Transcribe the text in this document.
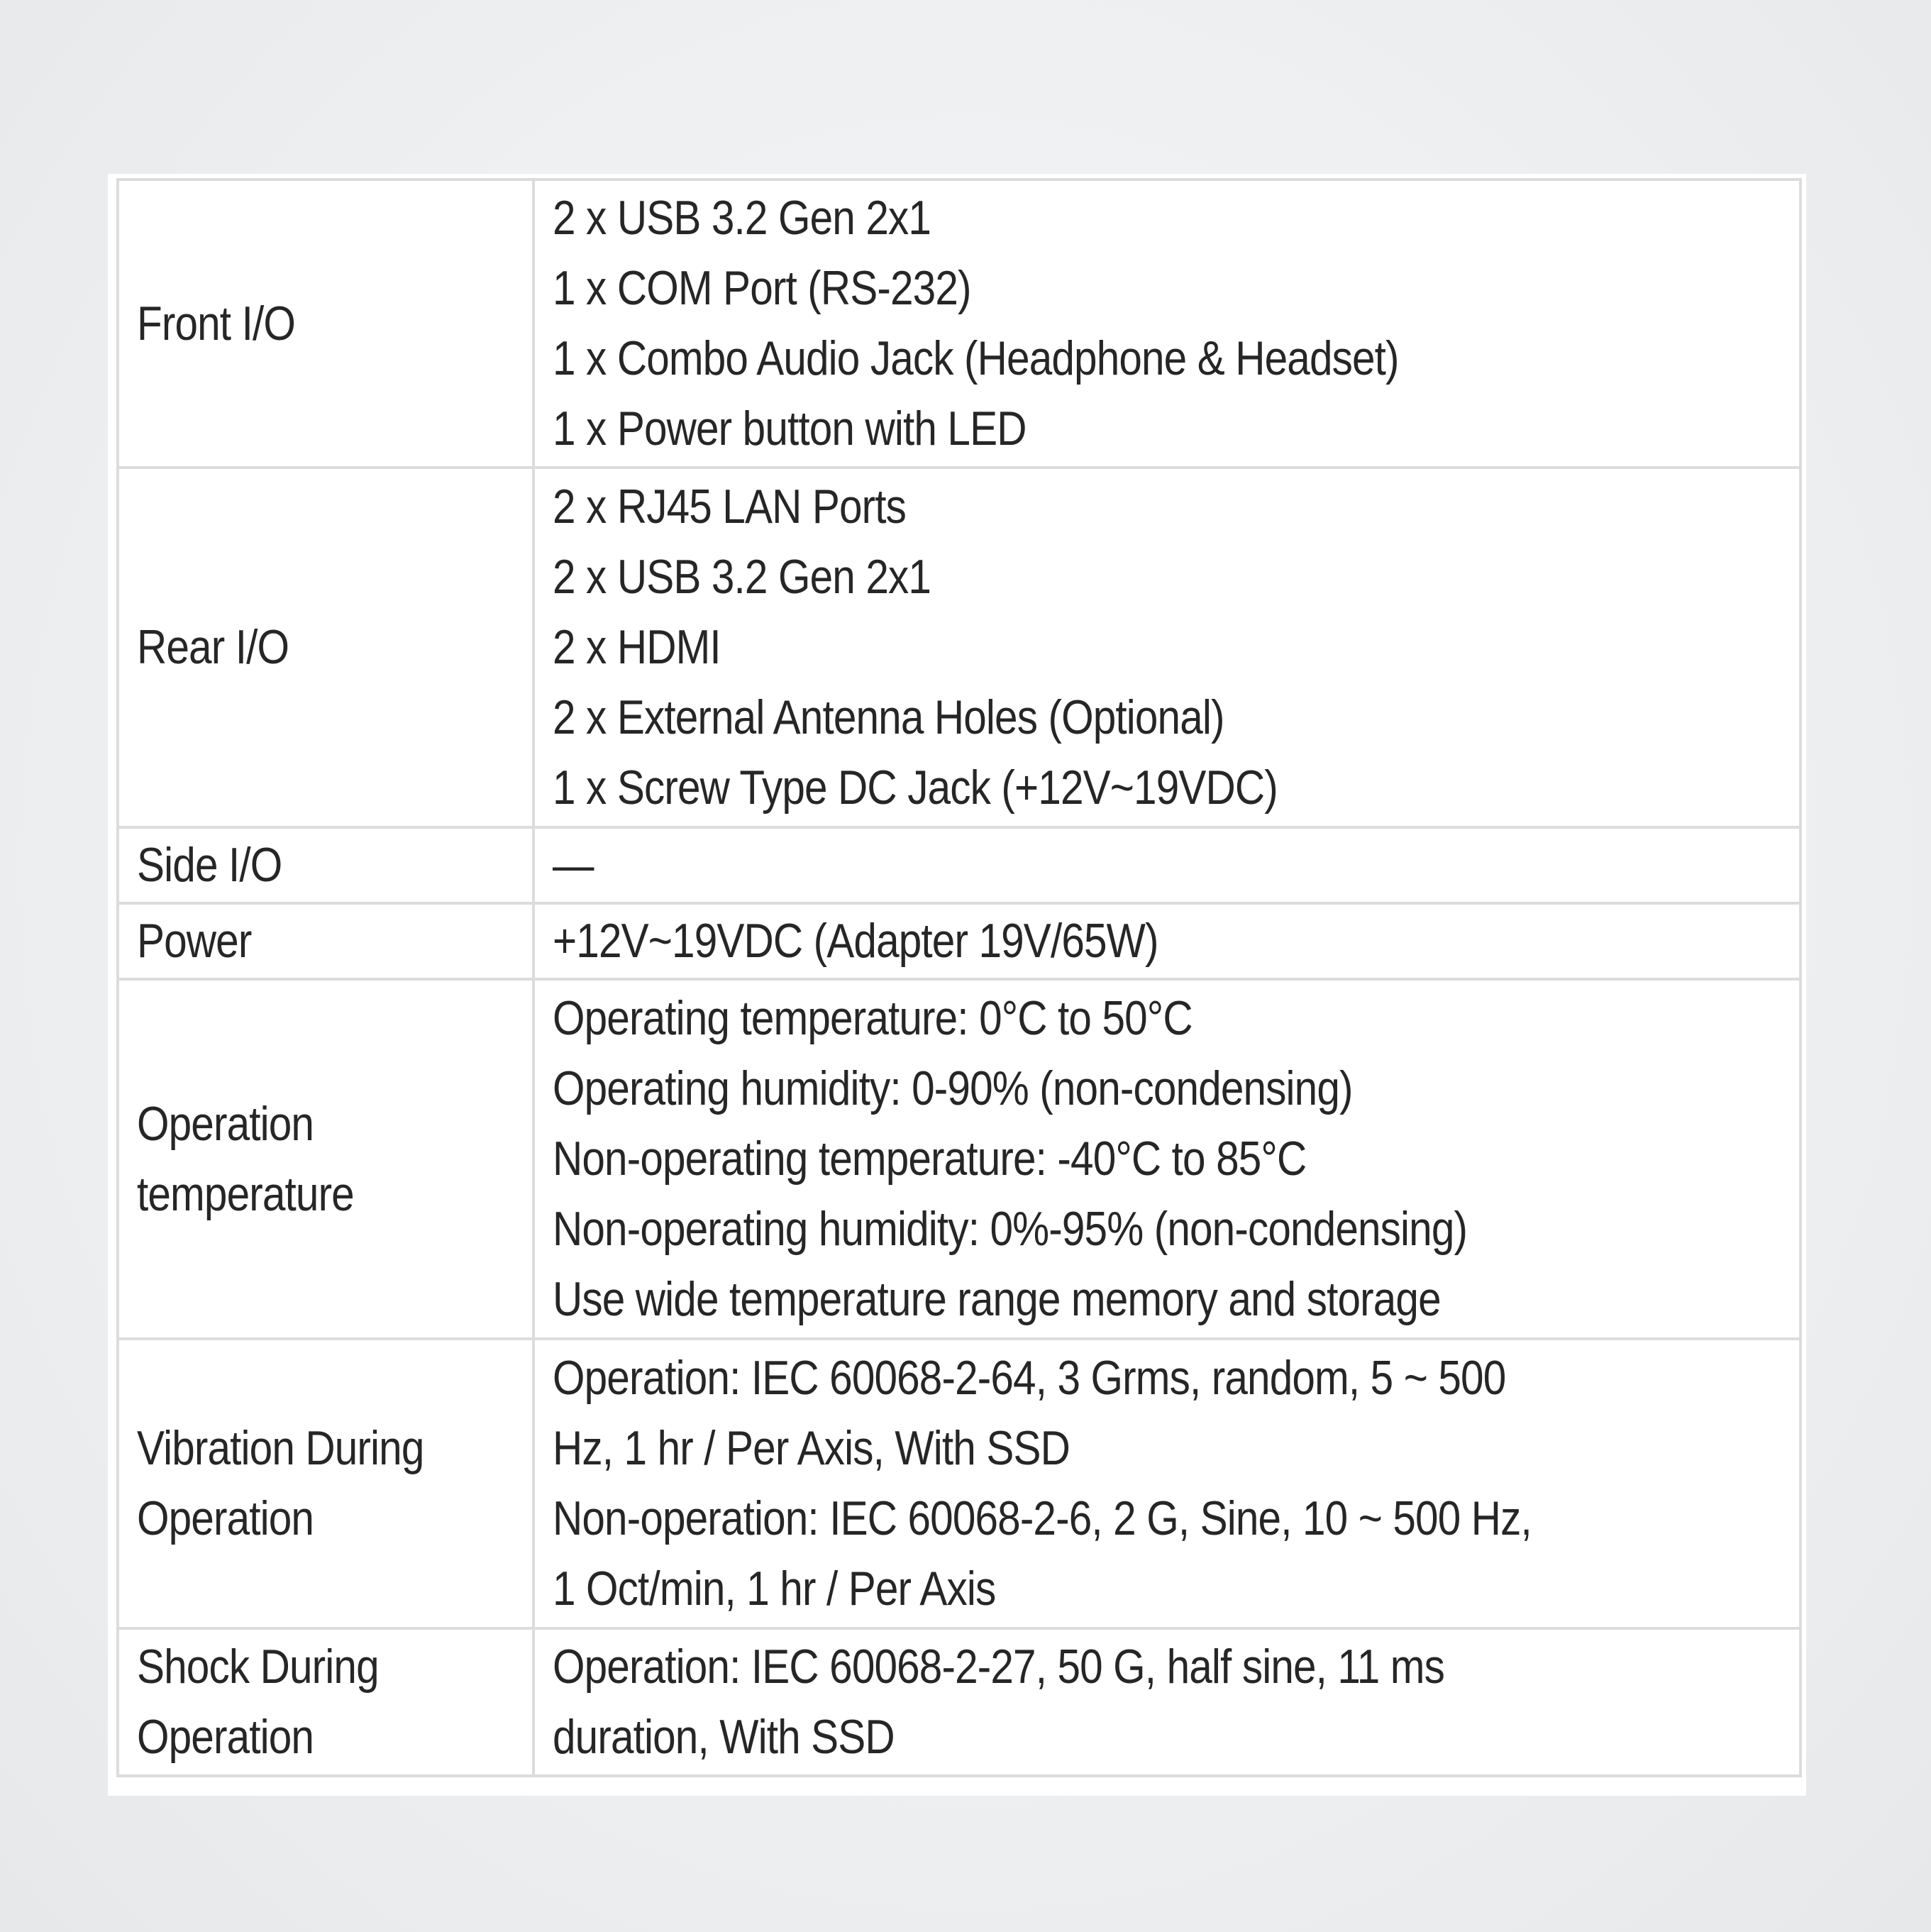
Front I/O	2 x USB 3.2 Gen 2x1
1 x COM Port (RS-232)
1 x Combo Audio Jack (Headphone & Headset)
1 x Power button with LED

Rear I/O	2 x RJ45 LAN Ports
2 x USB 3.2 Gen 2x1
2 x HDMI
2 x External Antenna Holes (Optional)
1 x Screw Type DC Jack (+12V~19VDC)

Side I/O	—

Power	+12V~19VDC (Adapter 19V/65W)

Operation
temperature	Operating temperature: 0°C to 50°C
Operating humidity: 0-90% (non-condensing)
Non-operating temperature: -40°C to 85°C
Non-operating humidity: 0%-95% (non-condensing)
Use wide temperature range memory and storage

Vibration During
Operation	Operation: IEC 60068-2-64, 3 Grms, random, 5 ~ 500
Hz, 1 hr / Per Axis, With SSD
Non-operation: IEC 60068-2-6, 2 G, Sine, 10 ~ 500 Hz,
1 Oct/min, 1 hr / Per Axis

Shock During
Operation	Operation: IEC 60068-2-27, 50 G, half sine, 11 ms
duration, With SSD
